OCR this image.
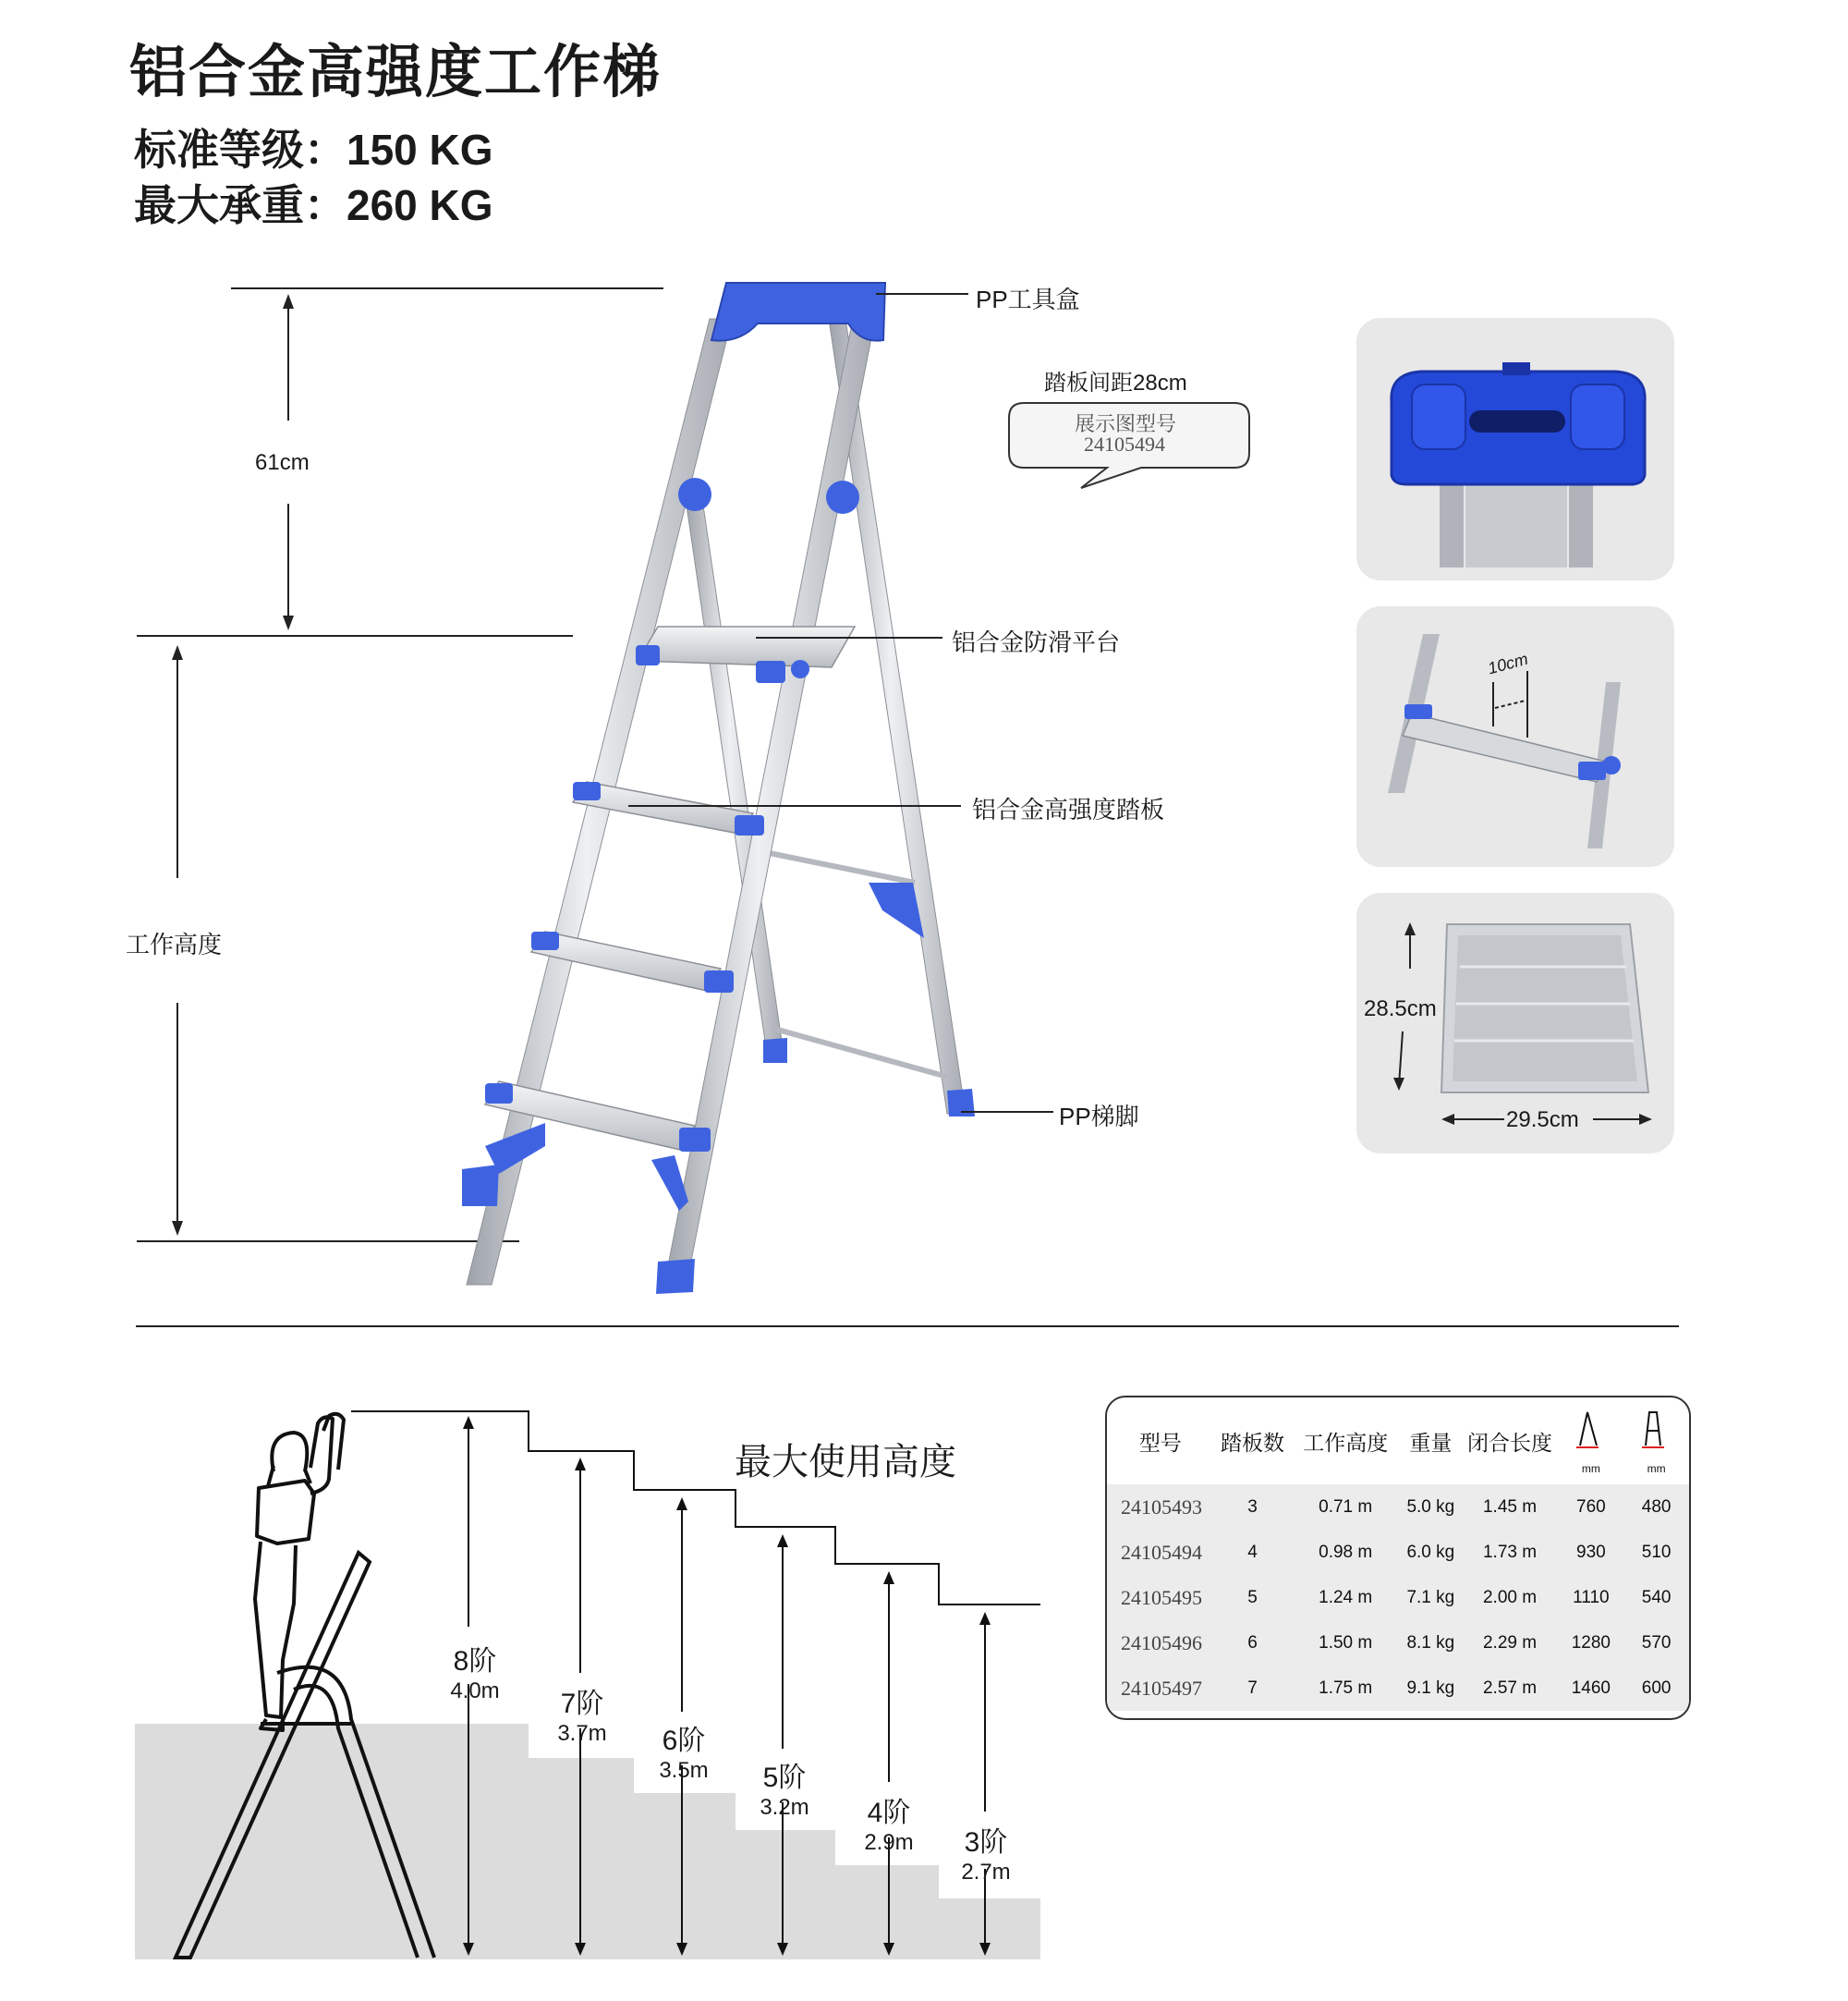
铝合金高强度工作梯
标准等级：150 KG
最大承重：260 KG
61cm
工作高度
PP工具盒
铝合金防滑平台
铝合金高强度踏板
PP梯脚
踏板间距28cm
展示图型号
24105494
10cm
28.5cm
29.5cm
最大使用高度
8阶
4.0m 7阶
3.7m 6阶
3.5m 5阶
3.2m 4阶
2.9m 3阶
2.7m
型号	踏板数	工作高度	重量	闭合长度	mm	mm
24105493	3	0.71 m	5.0 kg	1.45 m	760	480
24105494	4	0.98 m	6.0 kg	1.73 m	930	510
24105495	5	1.24 m	7.1 kg	2.00 m	1110	540
24105496	6	1.50 m	8.1 kg	2.29 m	1280	570
24105497	7	1.75 m	9.1 kg	2.57 m	1460	600
